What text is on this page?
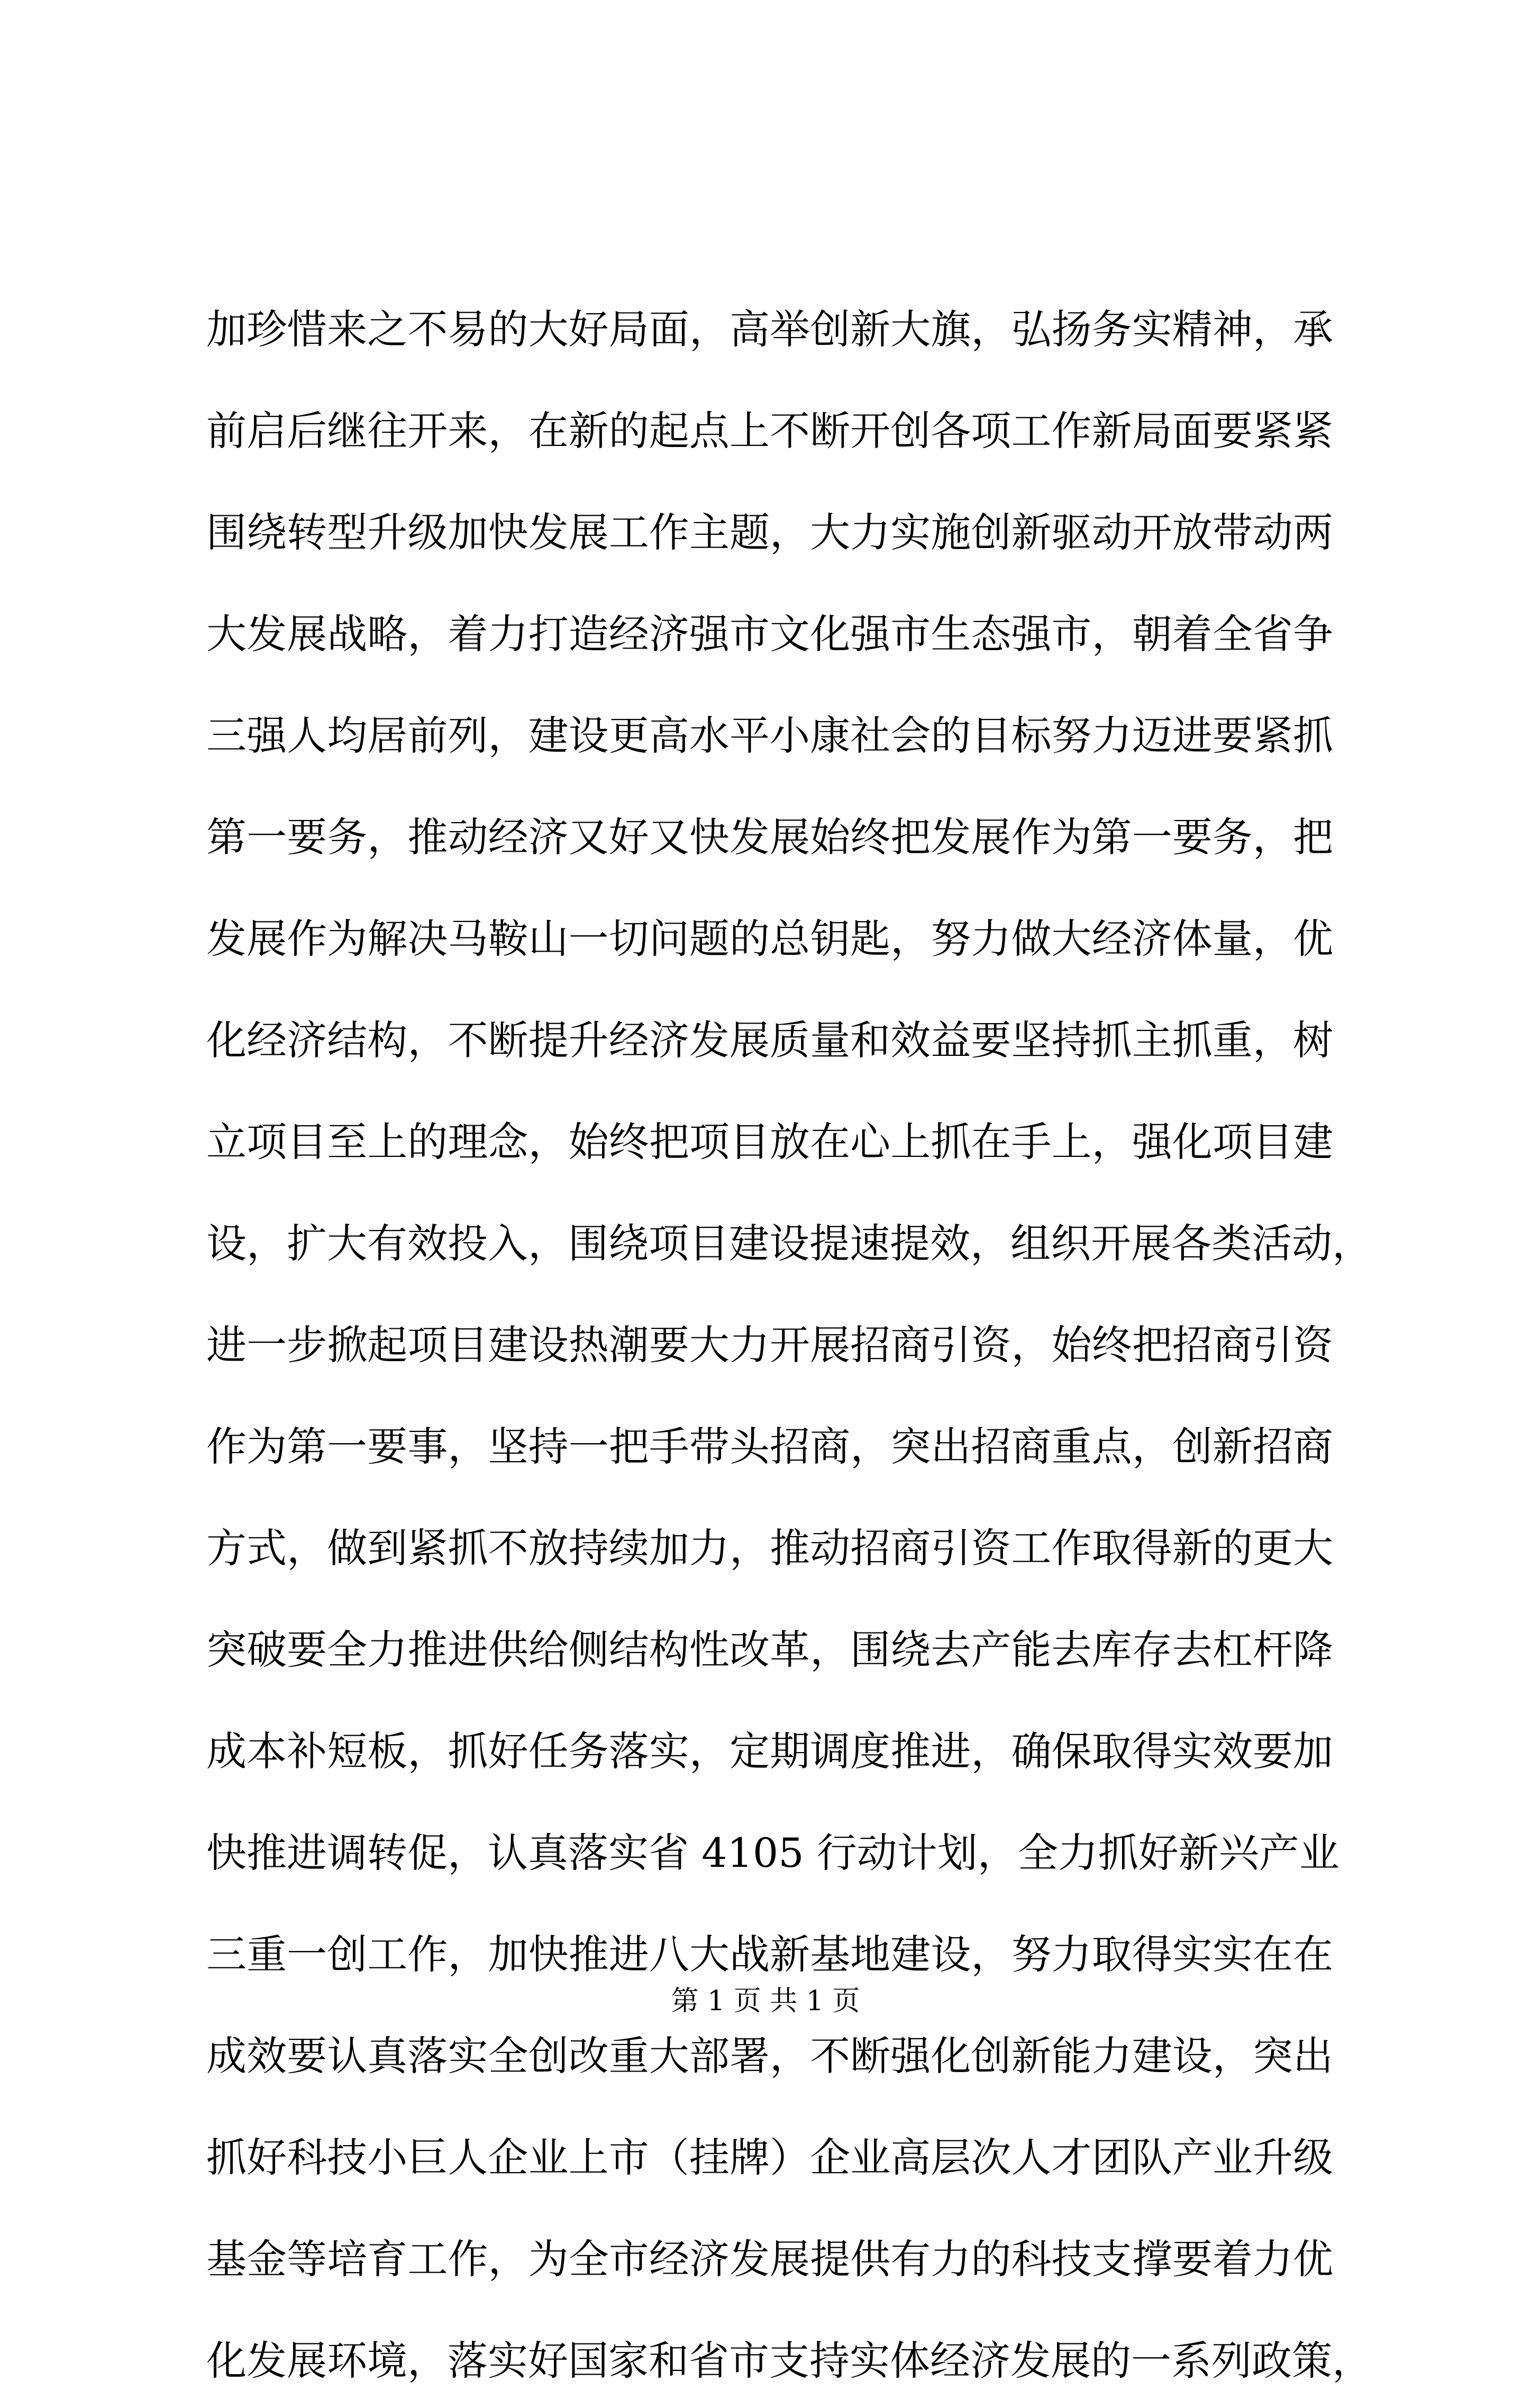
加珍惜来之不易的大好局面，高举创新大旗，弘扬务实精神，承
前启后继往开来，在新的起点上不断开创各项工作新局面要紧紧
围绕转型升级加快发展工作主题，大力实施创新驱动开放带动两
大发展战略，着力打造经济强市文化强市生态强市，朝着全省争
三强人均居前列，建设更高水平小康社会的目标努力迈进要紧抓
第一要务，推动经济又好又快发展始终把发展作为第一要务，把
发展作为解决马鞍山一切问题的总钥匙，努力做大经济体量，优
化经济结构，不断提升经济发展质量和效益要坚持抓主抓重，树
立项目至上的理念，始终把项目放在心上抓在手上，强化项目建
设，扩大有效投入，围绕项目建设提速提效，组织开展各类活动，
进一步掀起项目建设热潮要大力开展招商引资，始终把招商引资
作为第一要事，坚持一把手带头招商，突出招商重点，创新招商
方式，做到紧抓不放持续加力，推动招商引资工作取得新的更大
突破要全力推进供给侧结构性改革，围绕去产能去库存去杠杆降
成本补短板，抓好任务落实，定期调度推进，确保取得实效要加
快推进调转促，认真落实省 4105 行动计划，全力抓好新兴产业
三重一创工作，加快推进八大战新基地建设，努力取得实实在在
成效要认真落实全创改重大部署，不断强化创新能力建设，突出
抓好科技小巨人企业上市（挂牌）企业高层次人才团队产业升级
基金等培育工作，为全市经济发展提供有力的科技支撑要着力优
化发展环境，落实好国家和省市支持实体经济发展的一系列政策，
第 1 页 共 1 页
